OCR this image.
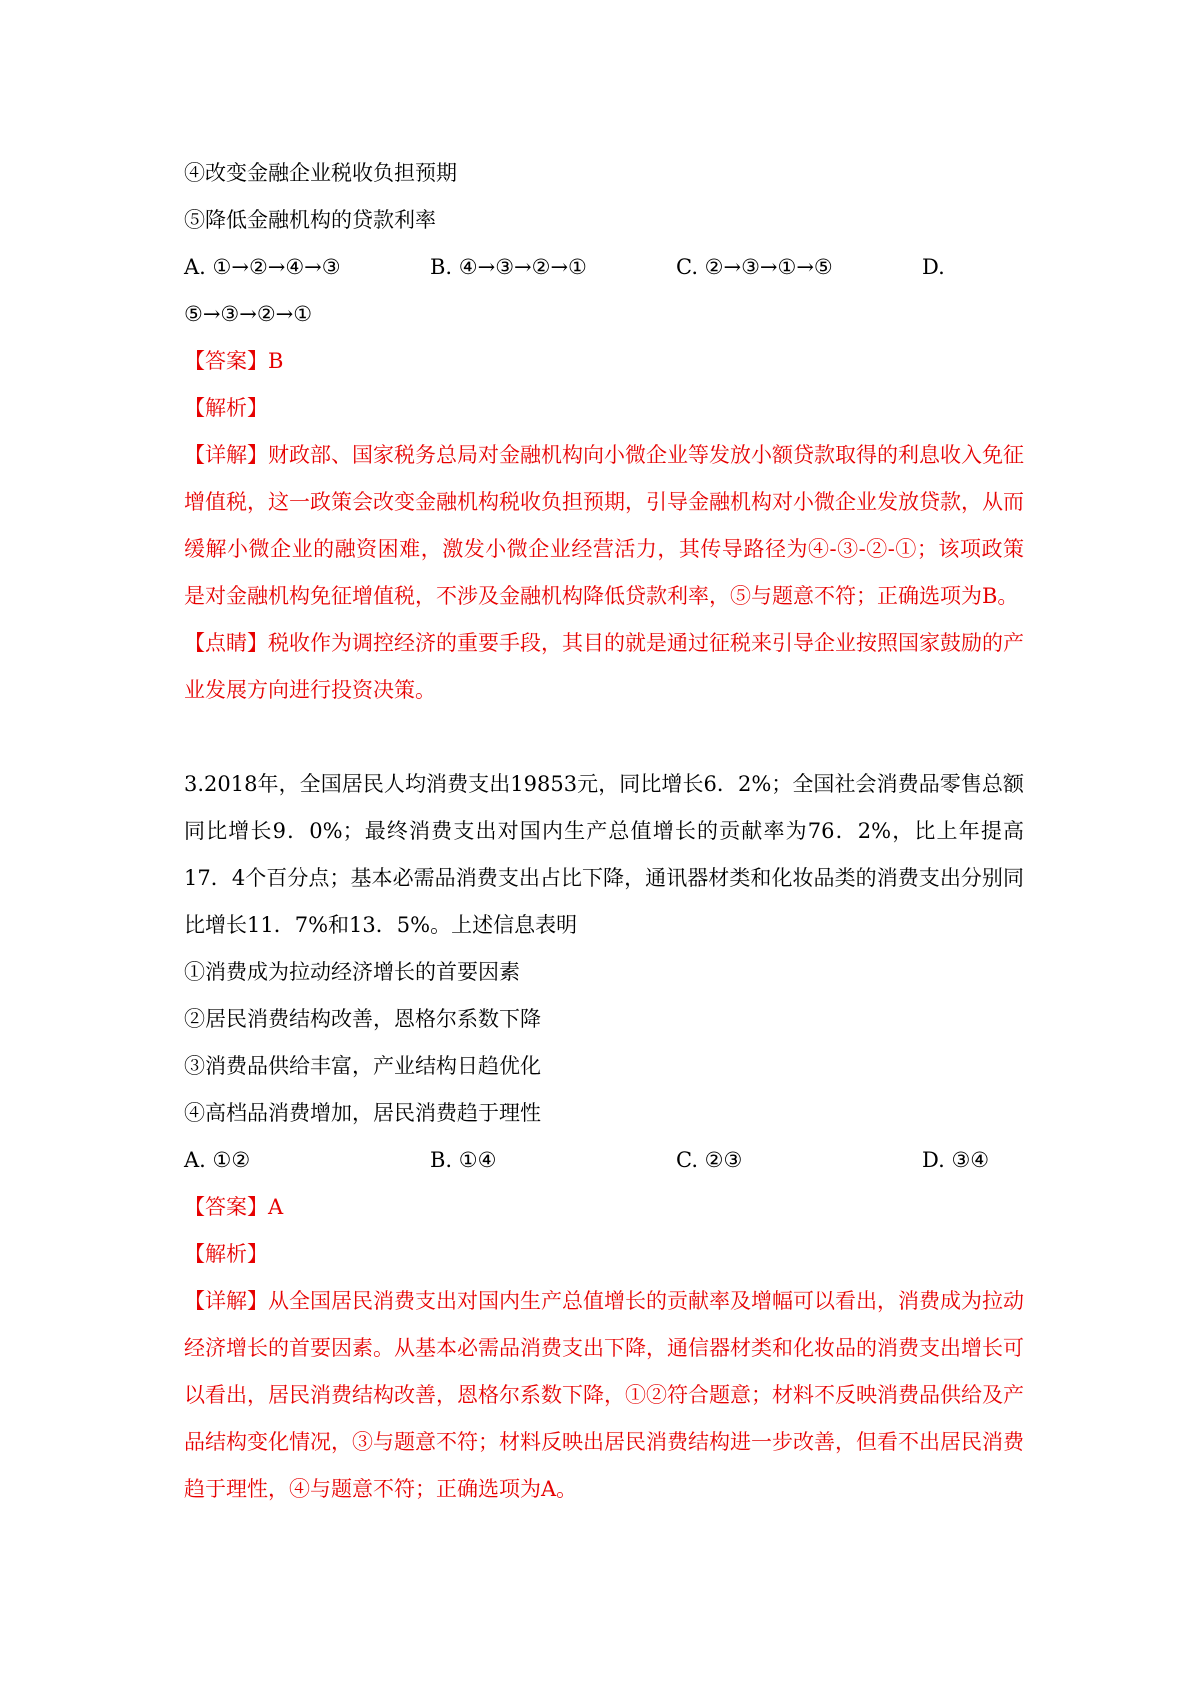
④改变金融企业税收负担预期
⑤降低金融机构的贷款利率
A. ①→②→④→③	B. ④→③→②→①	C. ②→③→①→⑤	D.
⑤→③→②→①
【答案】B
【解析】
【详解】财政部、国家税务总局对金融机构向小微企业等发放小额贷款取得的利息收入免征增值税，这一政策会改变金融机构税收负担预期，引导金融机构对小微企业发放贷款，从而缓解小微企业的融资困难，激发小微企业经营活力，其传导路径为④-③-②-①；该项政策是对金融机构免征增值税，不涉及金融机构降低贷款利率，⑤与题意不符；正确选项为B。
【点睛】税收作为调控经济的重要手段，其目的就是通过征税来引导企业按照国家鼓励的产业发展方向进行投资决策。
3.2018年，全国居民人均消费支出19853元，同比增长6．2%；全国社会消费品零售总额同比增长9．0%；最终消费支出对国内生产总值增长的贡献率为76．2%，比上年提高17．4个百分点；基本必需品消费支出占比下降，通讯器材类和化妆品类的消费支出分别同比增长11．7%和13．5%。上述信息表明
①消费成为拉动经济增长的首要因素
②居民消费结构改善，恩格尔系数下降
③消费品供给丰富，产业结构日趋优化
④高档品消费增加，居民消费趋于理性
A. ①②	B. ①④	C. ②③	D. ③④
【答案】A
【解析】
【详解】从全国居民消费支出对国内生产总值增长的贡献率及增幅可以看出，消费成为拉动经济增长的首要因素。从基本必需品消费支出下降，通信器材类和化妆品的消费支出增长可以看出，居民消费结构改善，恩格尔系数下降，①②符合题意；材料不反映消费品供给及产品结构变化情况，③与题意不符；材料反映出居民消费结构进一步改善，但看不出居民消费趋于理性，④与题意不符；正确选项为A。
